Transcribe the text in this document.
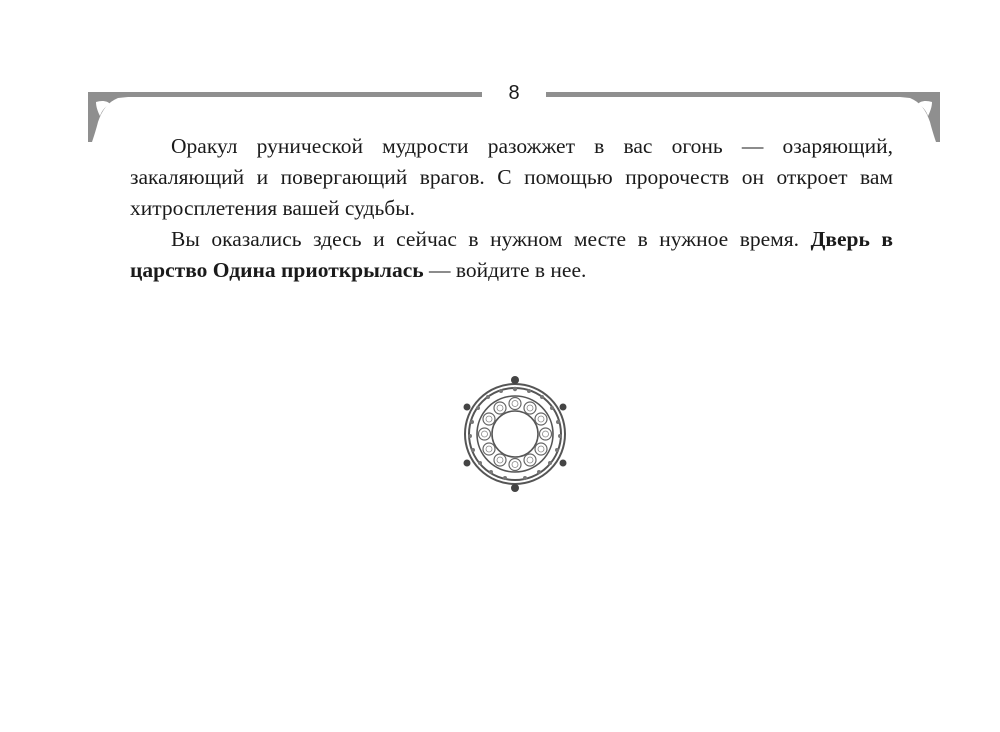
8

Оракул рунической мудрости разожжет в вас огонь — озаряющий, закаляющий и повергающий врагов. С помощью пророчеств он откроет вам хитросплетения вашей судьбы.

Вы оказались здесь и сейчас в нужном месте в нужное время. Дверь в царство Одина приоткрылась — войдите в нее.
